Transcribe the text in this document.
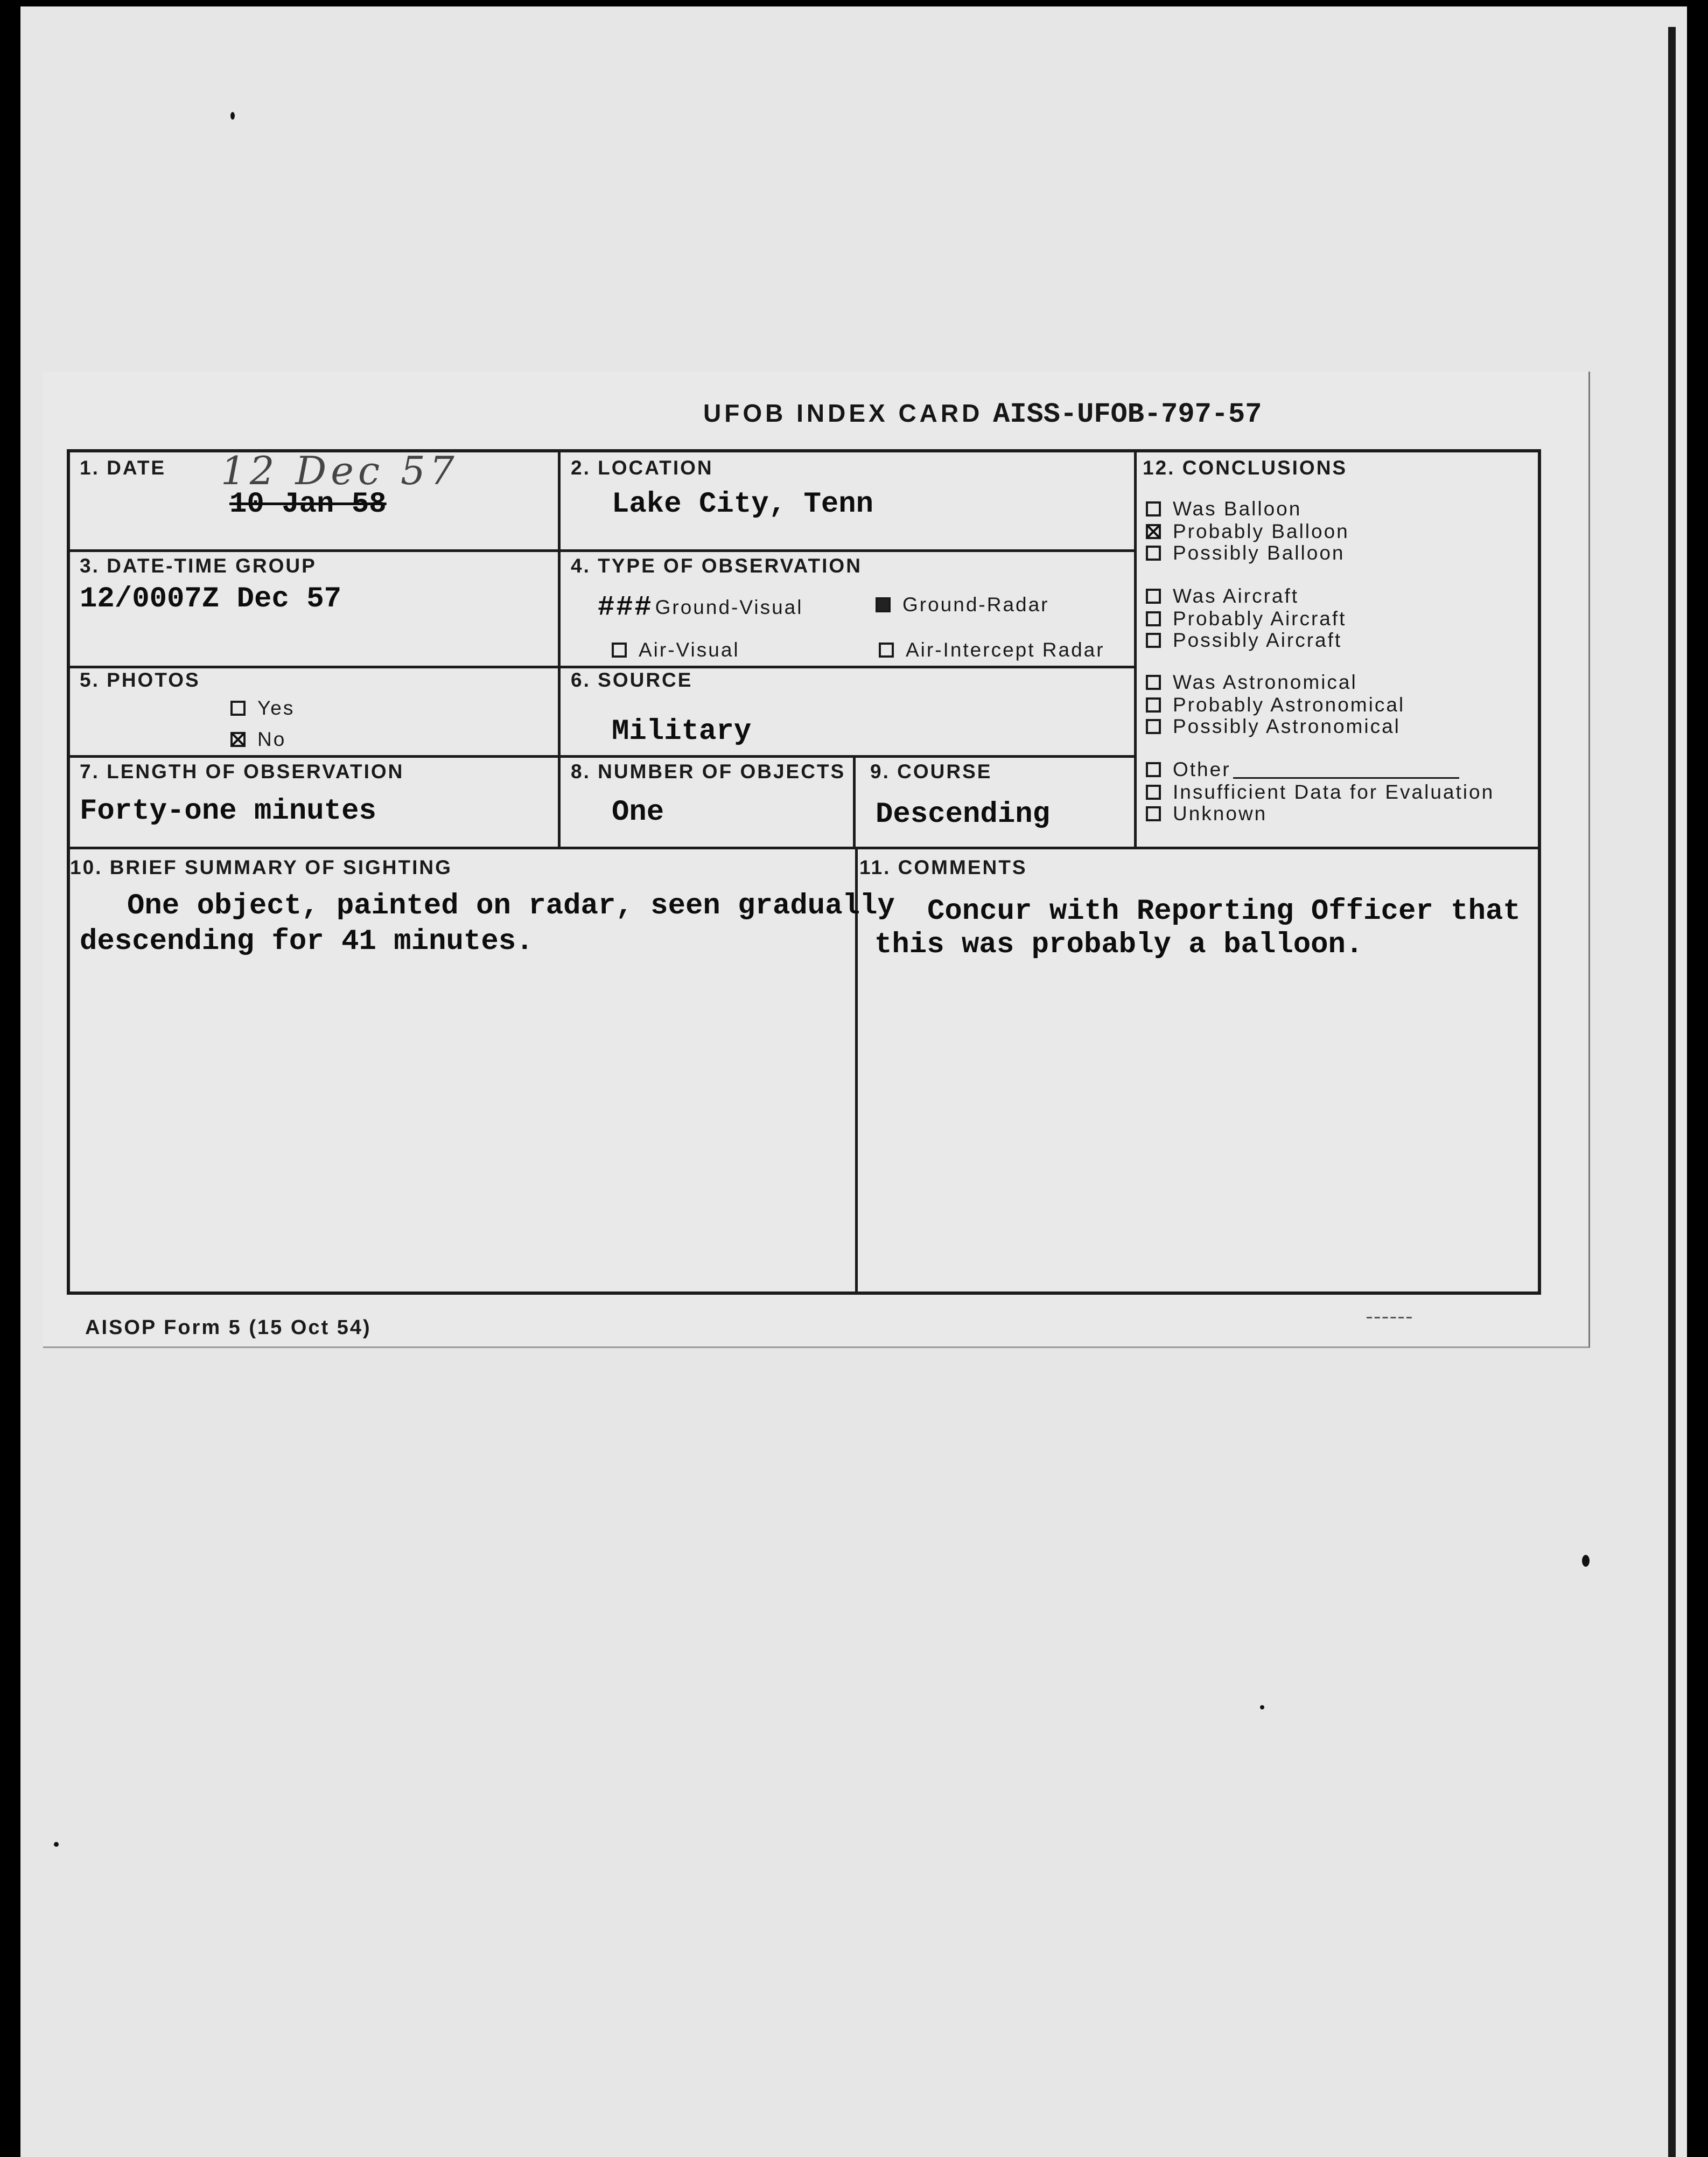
UFOB INDEX CARD AISS-UFOB-797-57
1. DATE 12 Dec 57
10 Jan 58
2. LOCATION
Lake City, Tenn
3. DATE-TIME GROUP
12/0007Z Dec 57
4. TYPE OF OBSERVATION
### Ground-Visual	Ground-Radar
Air-Visual	Air-Intercept Radar
5. PHOTOS
Yes
No
6. SOURCE
Military
7. LENGTH OF OBSERVATION
Forty-one minutes
8. NUMBER OF OBJECTS
One
9. COURSE
Descending
10. BRIEF SUMMARY OF SIGHTING
One object, painted on radar, seen gradually
descending for 41 minutes.
11. COMMENTS
Concur with Reporting Officer that
this was probably a balloon.
12. CONCLUSIONS
Was Balloon
Probably Balloon
Possibly Balloon
Was Aircraft
Probably Aircraft
Possibly Aircraft
Was Astronomical
Probably Astronomical
Possibly Astronomical
Other
Insufficient Data for Evaluation
Unknown
AISOP Form 5 (15 Oct 54)	▬ ▬ ▬ ▬ ▬ ▬
